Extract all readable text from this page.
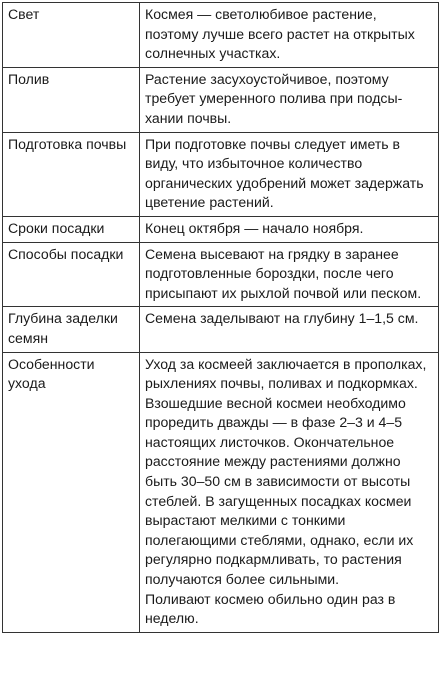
Свет	Космея — светолюбивое растение, поэтому лучше всего растет на открытых солнечных участках.

Полив	Растение засухоустойчивое, поэтому требует умеренного полива при подсыхании почвы.

Подготовка почвы	При подготовке почвы следует иметь в виду, что избыточное количество органических удобрений может задержать цветение растений.

Сроки посадки	Конец октября — начало ноября.

Способы посадки	Семена высевают на грядку в заранее подготовленные бороздки, после чего присыпают их рыхлой почвой или песком.

Глубина заделки семян	Семена заделывают на глубину 1–1,5 см.

Особенности ухода	Уход за космеей заключается в прополках, рыхлениях почвы, поливах и подкормках.
Взошедшие весной космеи необходимо проредить дважды — в фазе 2–3 и 4–5 настоящих листочков. Окончательное расстояние между растениями должно быть 30–50 см в зависимости от высоты стеблей. В загущенных посадках космеи вырастают мелкими с тонкими полегающими стеблями, однако, если их регулярно подкармливать, то растения получаются более сильными.
Поливают космею обильно один раз в неделю.
